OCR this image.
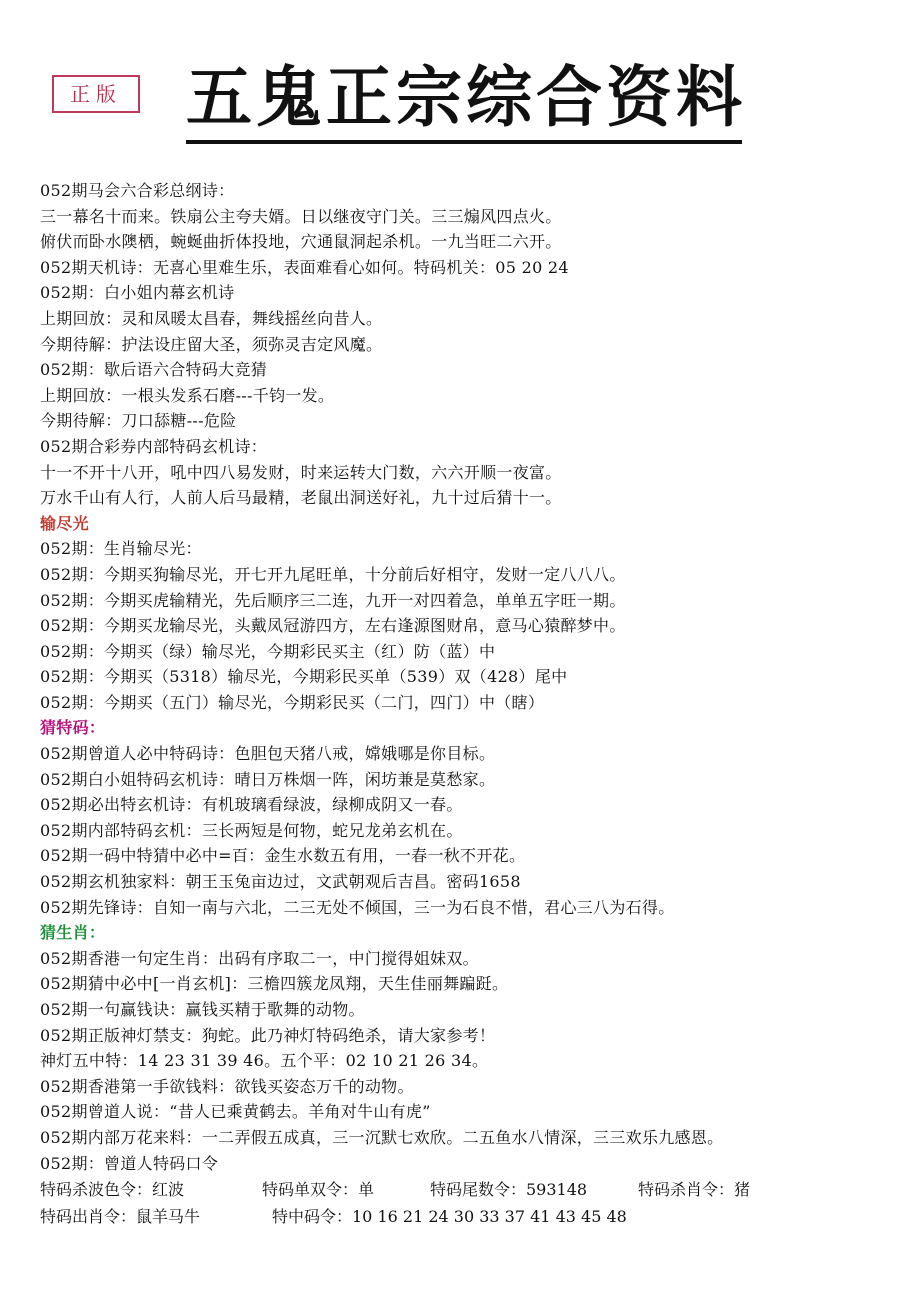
正版 五鬼正宗综合资料
052期马会六合彩总纲诗：
三一幕名十而来。铁扇公主夸夫婿。日以继夜守门关。三三煽风四点火。
俯伏而卧水隩栖，蜿蜒曲折体投地，穴通鼠洞起杀机。一九当旺二六开。
052期天机诗：无喜心里难生乐，表面难看心如何。特码机关：05 20 24
052期：白小姐内幕玄机诗
上期回放：灵和凤暖太昌春，舞线摇丝向昔人。
今期待解：护法设庄留大圣，须弥灵吉定风魔。
052期：歇后语六合特码大竞猜
上期回放：一根头发系石磨---千钧一发。
今期待解：刀口舔糖---危险
052期合彩券内部特码玄机诗：
十一不开十八开，吼中四八易发财，时来运转大门数，六六开顺一夜富。
万水千山有人行，人前人后马最精，老鼠出洞送好礼，九十过后猜十一。
输尽光
052期：生肖输尽光：
052期：今期买狗输尽光，开七开九尾旺单，十分前后好相守，发财一定八八八。
052期：今期买虎输精光，先后顺序三二连，九开一对四着急，单单五字旺一期。
052期：今期买龙输尽光，头戴凤冠游四方，左右逢源图财帛，意马心猿醉梦中。
052期：今期买（绿）输尽光，今期彩民买主（红）防（蓝）中
052期：今期买（5318）输尽光，今期彩民买单（539）双（428）尾中
052期：今期买（五门）输尽光，今期彩民买（二门，四门）中（瞎）
猜特码：
052期曾道人必中特码诗：色胆包天猪八戒，嫦娥哪是你目标。
052期白小姐特码玄机诗：晴日万株烟一阵，闲坊兼是莫愁家。
052期必出特玄机诗：有机玻璃看绿波，绿柳成阴又一春。
052期内部特码玄机：三长两短是何物，蛇兄龙弟玄机在。
052期一码中特猜中必中=百：金生水数五有用，一春一秋不开花。
052期玄机独家料：朝王玉兔亩边过，文武朝观后吉昌。密码1658
052期先锋诗：自知一南与六北，二三无处不倾国，三一为石良不惜，君心三八为石得。
猜生肖：
052期香港一句定生肖：出码有序取二一，中门搅得姐妹双。
052期猜中必中[一肖玄机]：三檐四簇龙凤翔，天生佳丽舞蹁跹。
052期一句赢钱诀：赢钱买精于歌舞的动物。
052期正版神灯禁支：狗蛇。此乃神灯特码绝杀，请大家参考！
神灯五中特：14 23 31 39 46。五个平：02 10 21 26 34。
052期香港第一手欲钱料：欲钱买姿态万千的动物。
052期曾道人说：“昔人已乘黄鹤去。羊角对牛山有虎”
052期内部万花来料：一二弄假五成真，三一沉默七欢欣。二五鱼水八情深，三三欢乐九感恩。
052期：曾道人特码口令
特码杀波色令：红波	特码单双令：单	特码尾数令：593148	特码杀肖令：猪
特码出肖令：鼠羊马牛	特中码令：10 16 21 24 30 33 37 41 43 45 48
